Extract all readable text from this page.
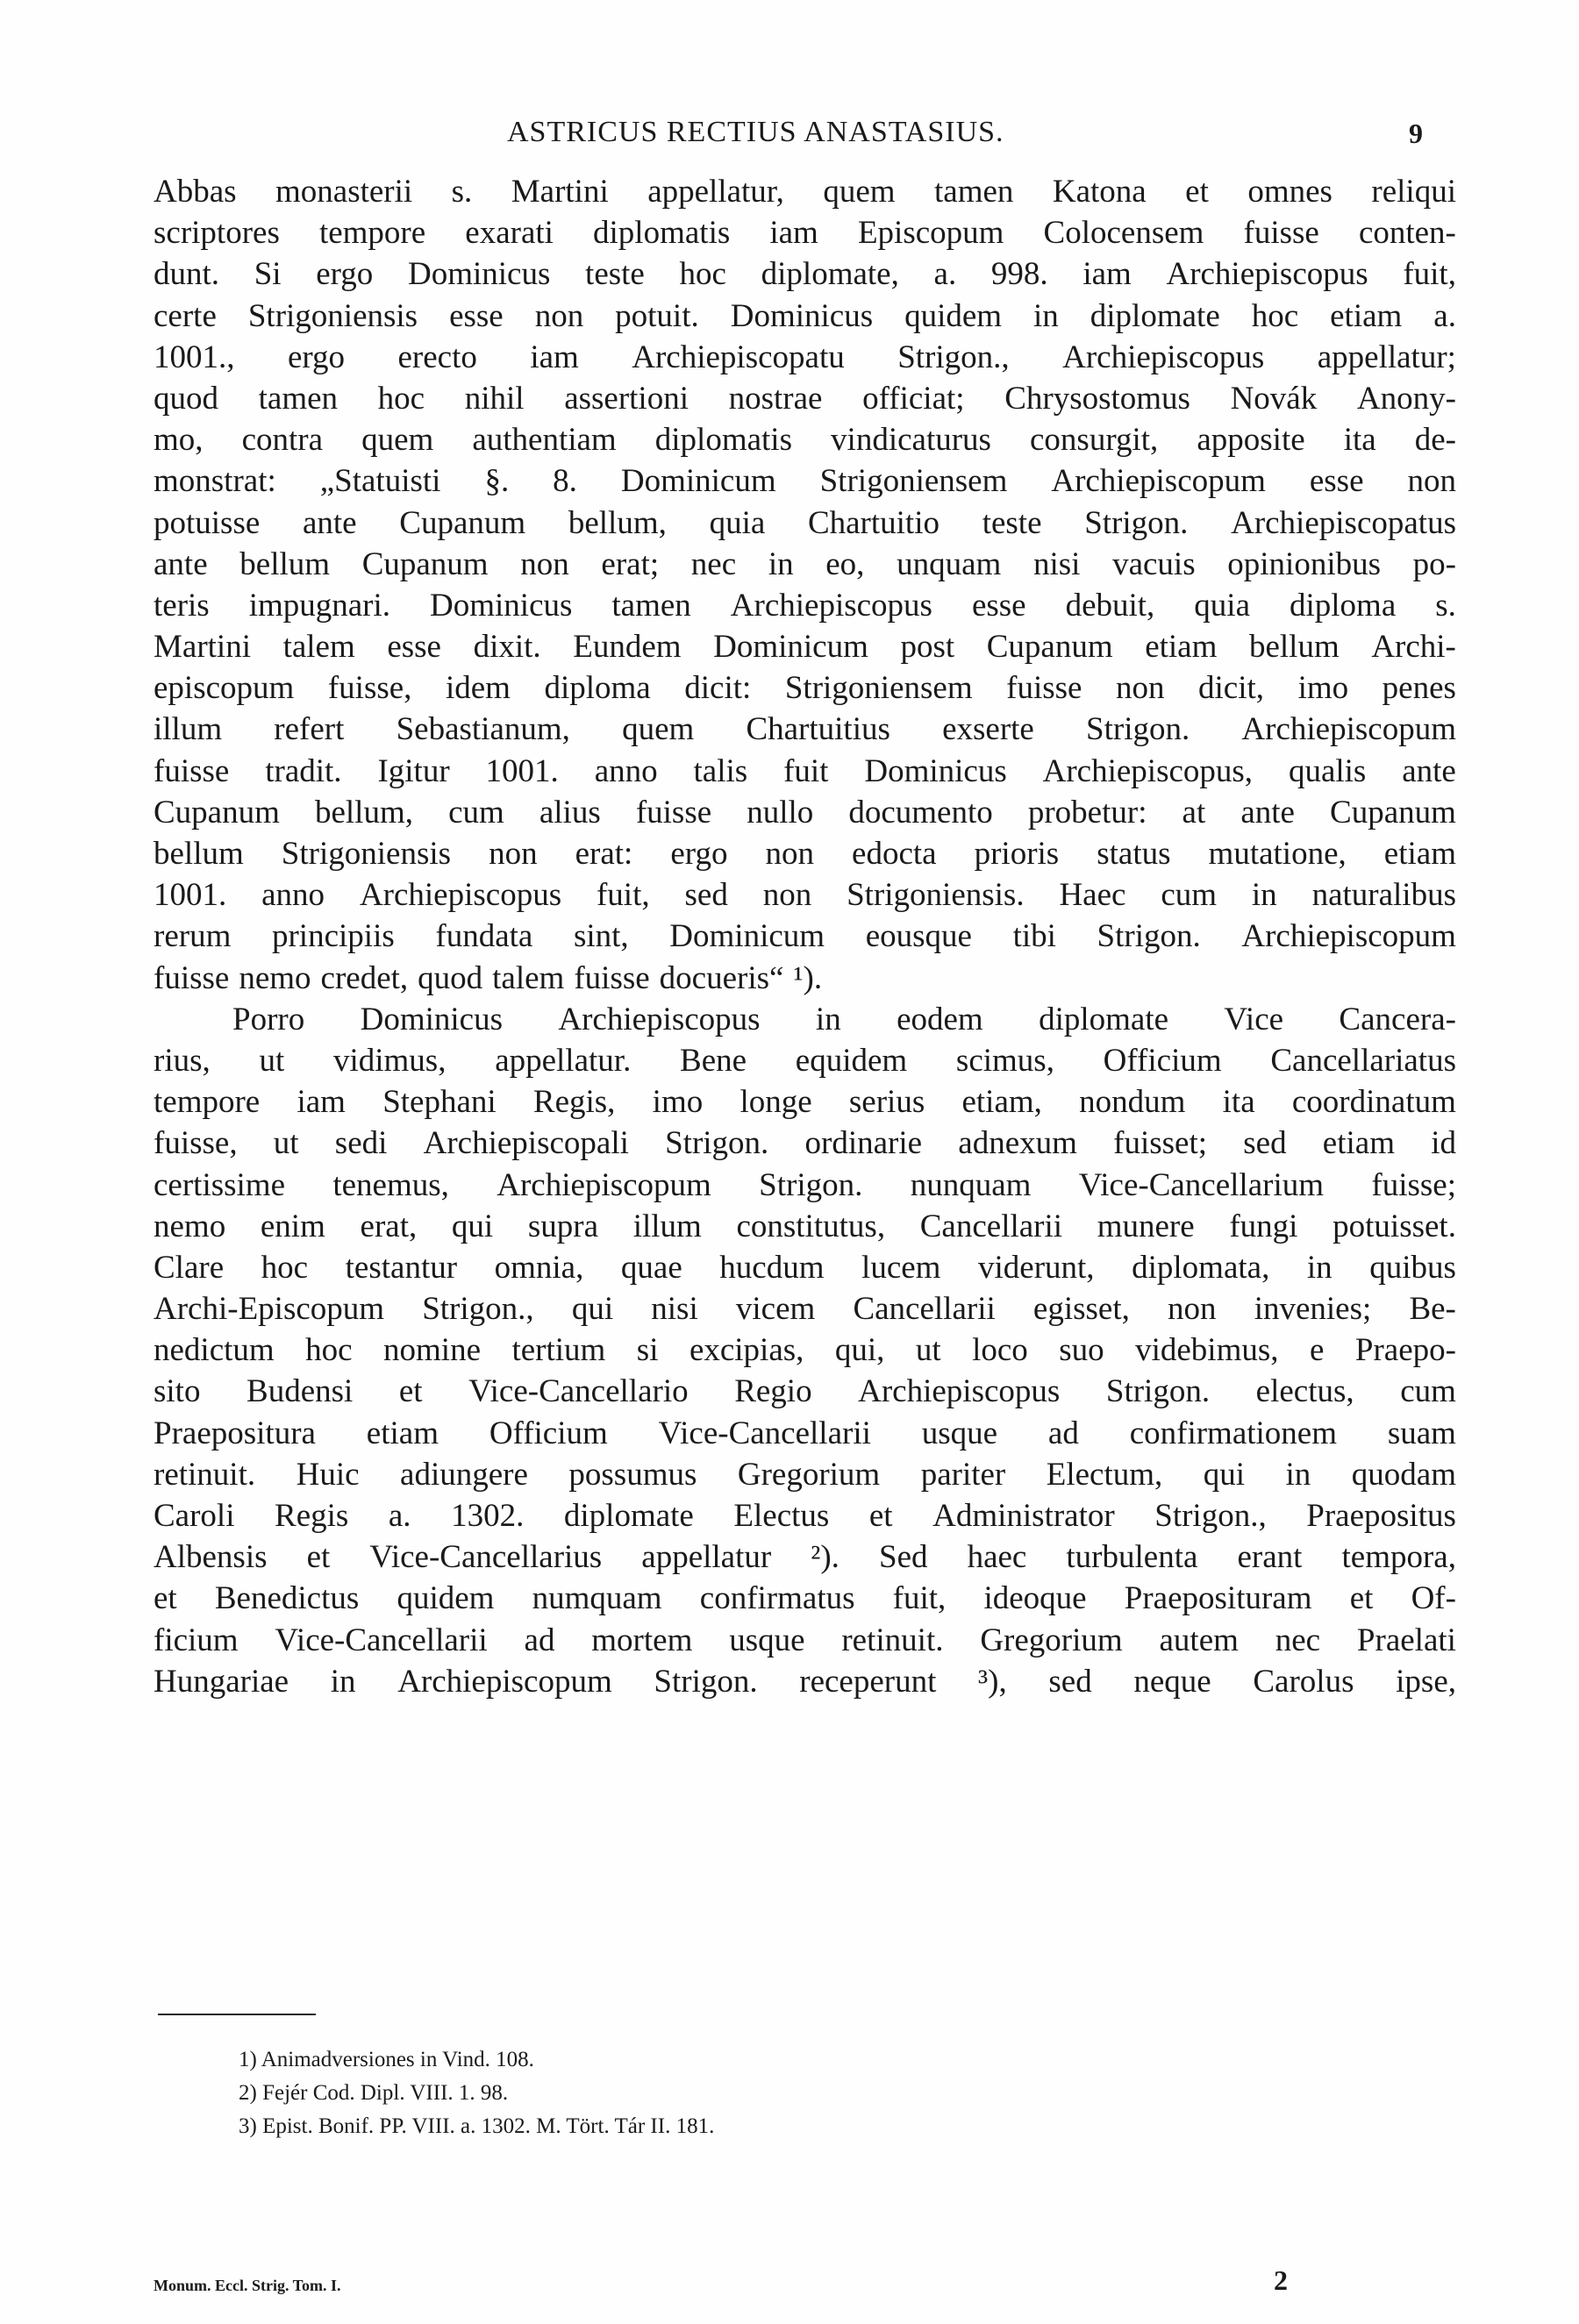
ASTRICUS RECTIUS ANASTASIUS.	9
Abbas monasterii s. Martini appellatur, quem tamen Katona et omnes reliqui
scriptores tempore exarati diplomatis iam Episcopum Colocensem fuisse conten-
dunt. Si ergo Dominicus teste hoc diplomate, a. 998. iam Archiepiscopus fuit,
certe Strigoniensis esse non potuit. Dominicus quidem in diplomate hoc etiam a.
1001., ergo erecto iam Archiepiscopatu Strigon., Archiepiscopus appellatur;
quod tamen hoc nihil assertioni nostrae officiat; Chrysostomus Novák Anony-
mo, contra quem authentiam diplomatis vindicaturus consurgit, apposite ita de-
monstrat: „Statuisti §. 8. Dominicum Strigoniensem Archiepiscopum esse non
potuisse ante Cupanum bellum, quia Chartuitio teste Strigon. Archiepiscopatus
ante bellum Cupanum non erat; nec in eo, unquam nisi vacuis opinionibus po-
teris impugnari. Dominicus tamen Archiepiscopus esse debuit, quia diploma s.
Martini talem esse dixit. Eundem Dominicum post Cupanum etiam bellum Archi-
episcopum fuisse, idem diploma dicit: Strigoniensem fuisse non dicit, imo penes
illum refert Sebastianum, quem Chartuitius exserte Strigon. Archiepiscopum
fuisse tradit. Igitur 1001. anno talis fuit Dominicus Archiepiscopus, qualis ante
Cupanum bellum, cum alius fuisse nullo documento probetur: at ante Cupanum
bellum Strigoniensis non erat: ergo non edocta prioris status mutatione, etiam
1001. anno Archiepiscopus fuit, sed non Strigoniensis. Haec cum in naturalibus
rerum principiis fundata sint, Dominicum eousque tibi Strigon. Archiepiscopum
fuisse nemo credet, quod talem fuisse docueris“ ¹).
Porro Dominicus Archiepiscopus in eodem diplomate Vice Cancera-
rius, ut vidimus, appellatur. Bene equidem scimus, Officium Cancellariatus
tempore iam Stephani Regis, imo longe serius etiam, nondum ita coordinatum
fuisse, ut sedi Archiepiscopali Strigon. ordinarie adnexum fuisset; sed etiam id
certissime tenemus, Archiepiscopum Strigon. nunquam Vice-Cancellarium fuisse;
nemo enim erat, qui supra illum constitutus, Cancellarii munere fungi potuisset.
Clare hoc testantur omnia, quae hucdum lucem viderunt, diplomata, in quibus
Archi-Episcopum Strigon., qui nisi vicem Cancellarii egisset, non invenies; Be-
nedictum hoc nomine tertium si excipias, qui, ut loco suo videbimus, e Praepo-
sito Budensi et Vice-Cancellario Regio Archiepiscopus Strigon. electus, cum
Praepositura etiam Officium Vice-Cancellarii usque ad confirmationem suam
retinuit. Huic adiungere possumus Gregorium pariter Electum, qui in quodam
Caroli Regis a. 1302. diplomate Electus et Administrator Strigon., Praepositus
Albensis et Vice-Cancellarius appellatur ²). Sed haec turbulenta erant tempora,
et Benedictus quidem numquam confirmatus fuit, ideoque Praeposituram et Of-
ficium Vice-Cancellarii ad mortem usque retinuit. Gregorium autem nec Praelati
Hungariae in Archiepiscopum Strigon. receperunt ³), sed neque Carolus ipse,
1) Animadversiones in Vind. 108.
2) Fejér Cod. Dipl. VIII. 1. 98.
3) Epist. Bonif. PP. VIII. a. 1302. M. Tört. Tár II. 181.
Monum. Eccl. Strig. Tom. I.	2
